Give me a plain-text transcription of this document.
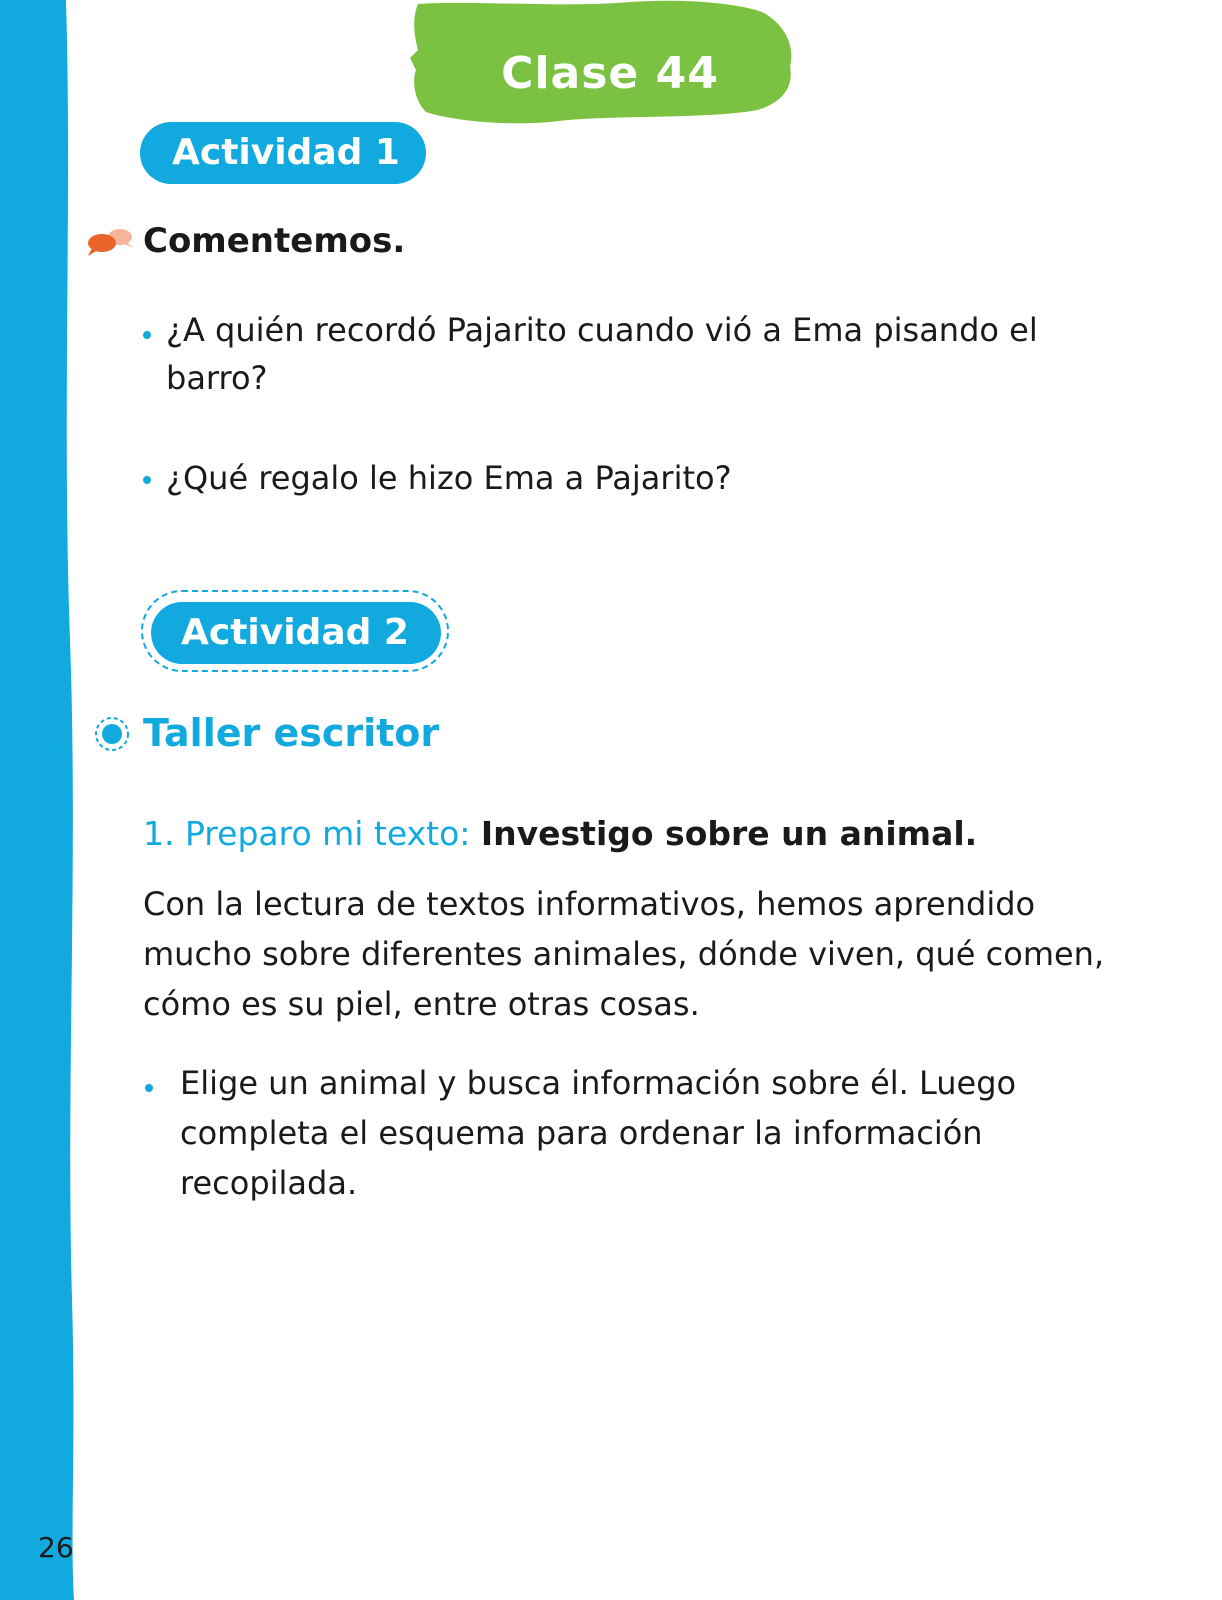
26
Clase 44
Actividad 1
Comentemos.
¿A quién recordó Pajarito cuando vió a Ema pisando el barro?
¿Qué regalo le hizo Ema a Pajarito?
Actividad 2
Taller escritor
1. Preparo mi texto: Investigo sobre un animal.
Con la lectura de textos informativos, hemos aprendido mucho sobre diferentes animales, dónde viven, qué comen, cómo es su piel, entre otras cosas.
Elige un animal y busca información sobre él. Luego completa el esquema para ordenar la información recopilada.
